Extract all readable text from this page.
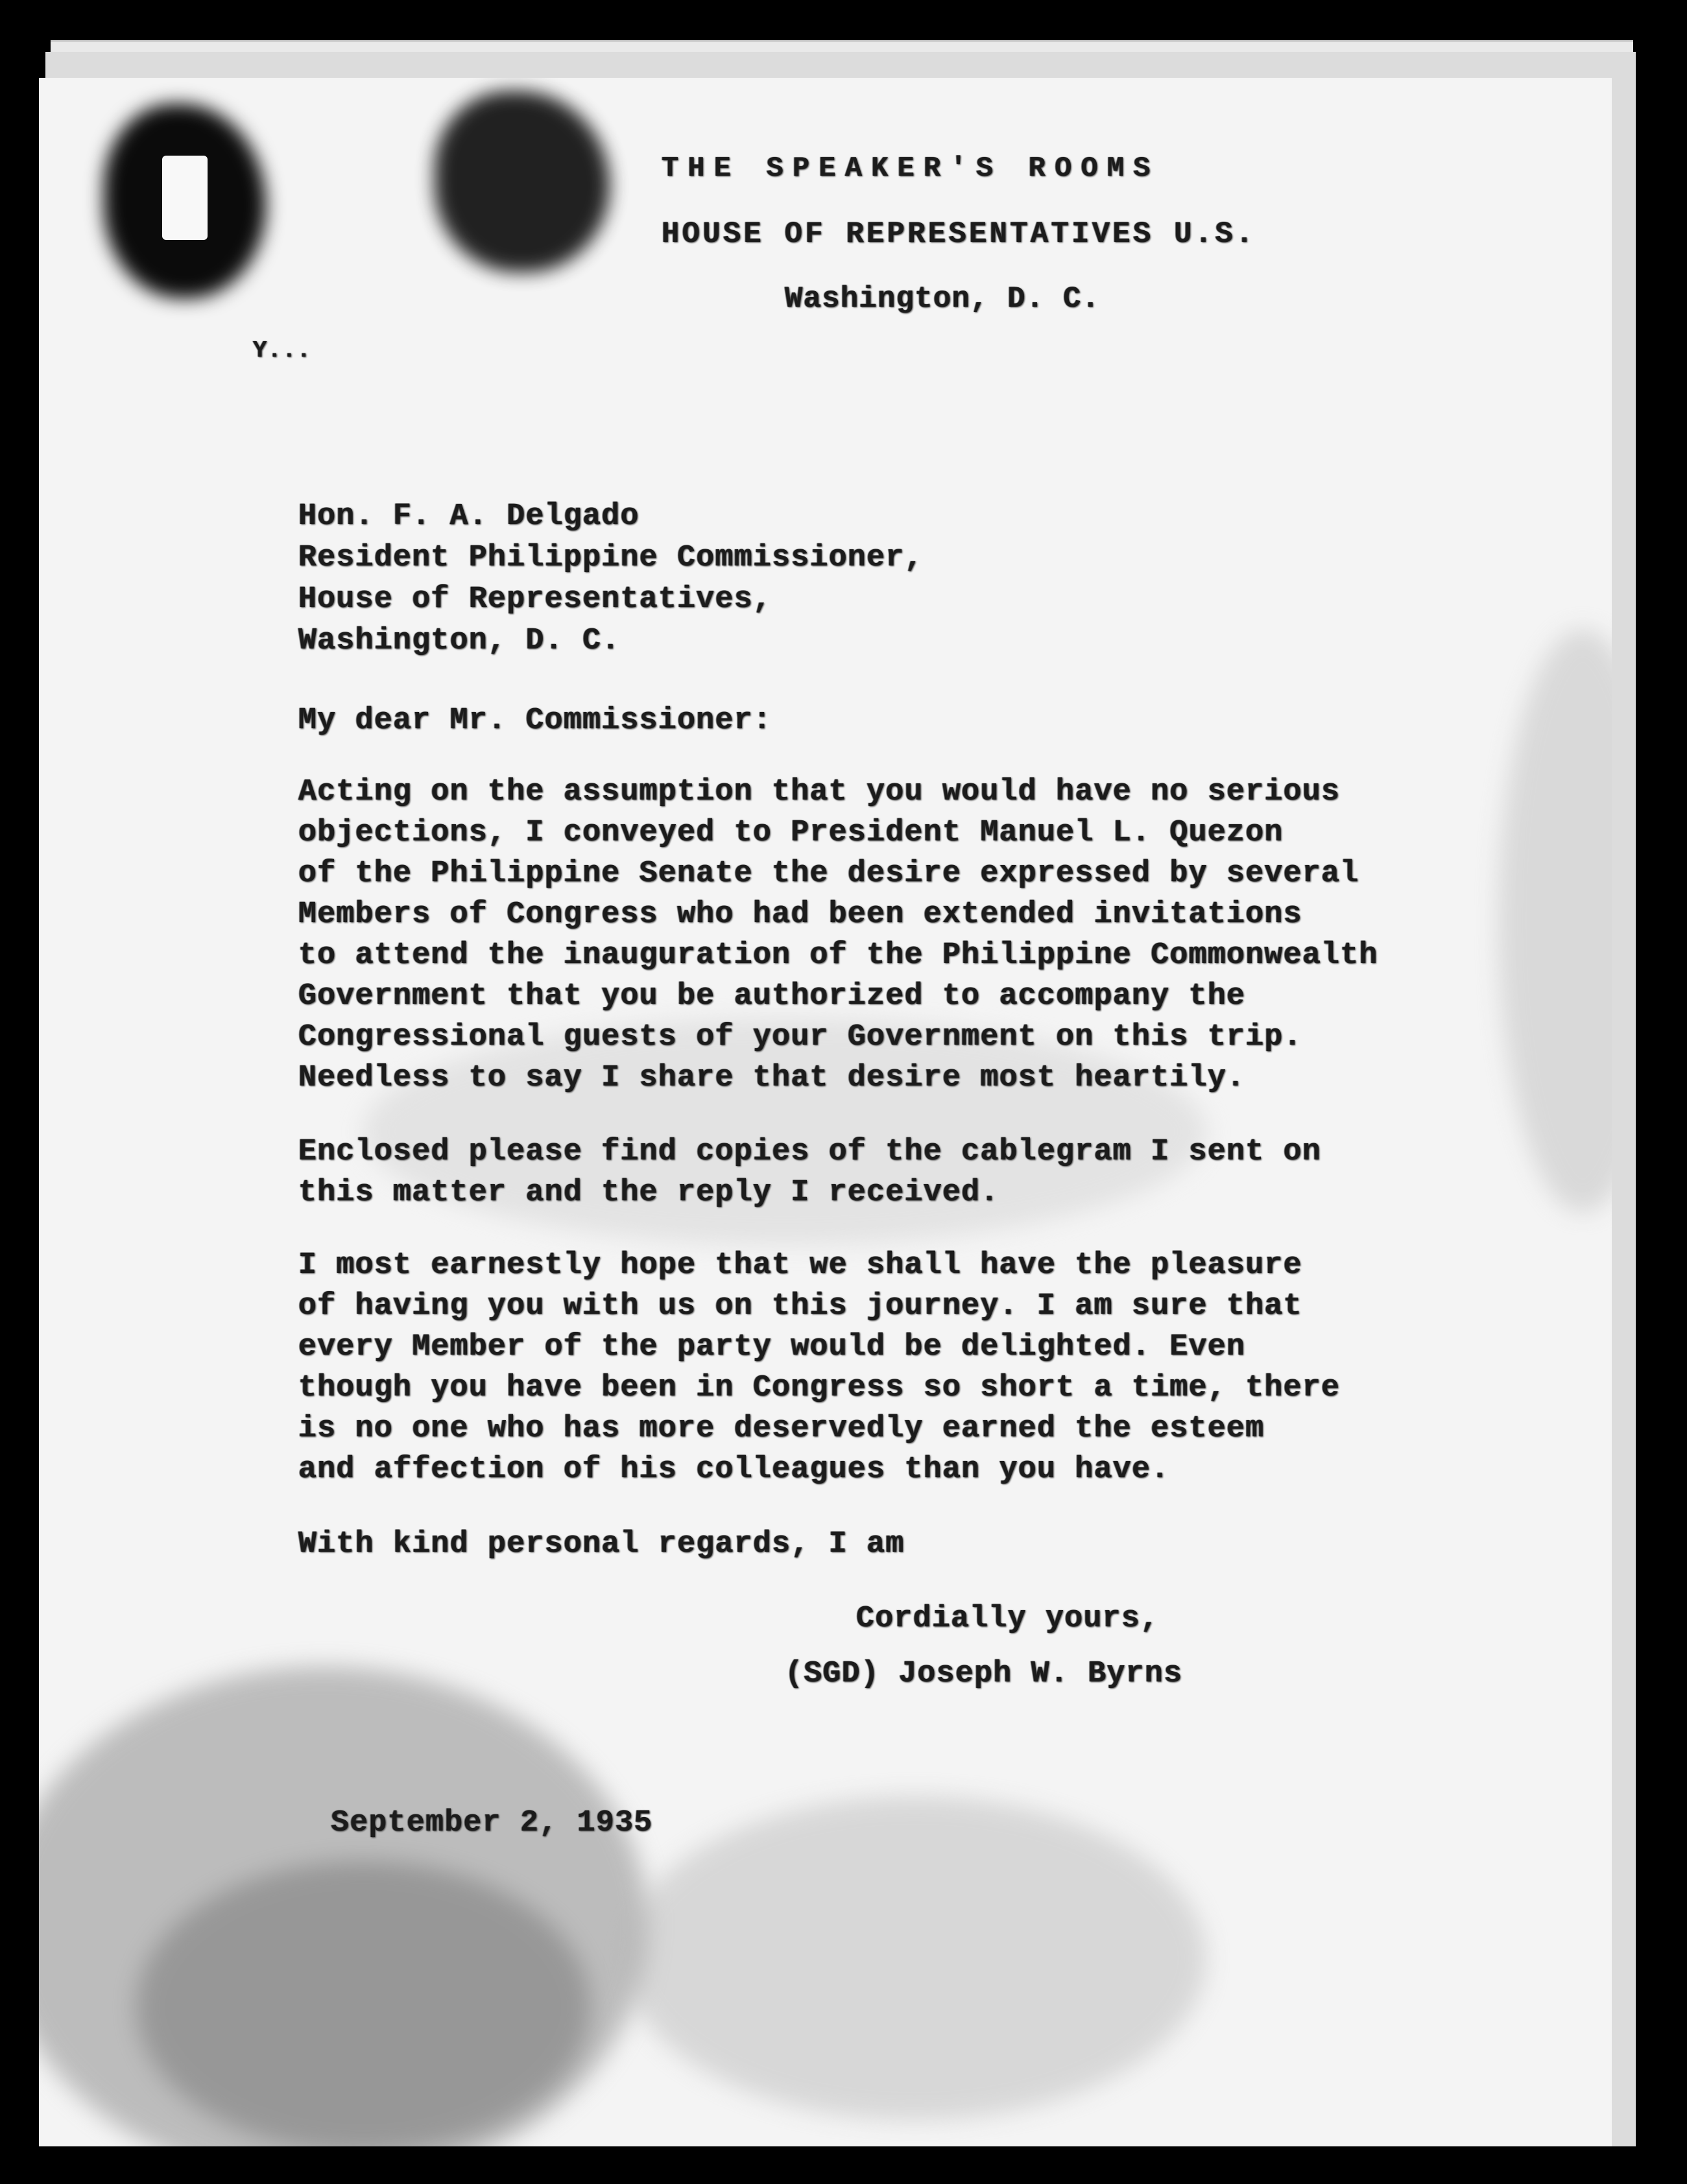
THE SPEAKER'S ROOMS
HOUSE OF REPRESENTATIVES U.S.
Washington, D. C.
Y...
Hon. F. A. Delgado
Resident Philippine Commissioner,
House of Representatives,
Washington, D. C.
My dear Mr. Commissioner:
Acting on the assumption that you would have no serious
objections, I conveyed to President Manuel L. Quezon
of the Philippine Senate the desire expressed by several
Members of Congress who had been extended invitations
to attend the inauguration of the Philippine Commonwealth
Government that you be authorized to accompany the
Congressional guests of your Government on this trip.
Needless to say I share that desire most heartily.
Enclosed please find copies of the cablegram I sent on
this matter and the reply I received.
I most earnestly hope that we shall have the pleasure
of having you with us on this journey. I am sure that
every Member of the party would be delighted. Even
though you have been in Congress so short a time, there
is no one who has more deservedly earned the esteem
and affection of his colleagues than you have.
With kind personal regards, I am
Cordially yours,
(SGD) Joseph W. Byrns
September 2, 1935
